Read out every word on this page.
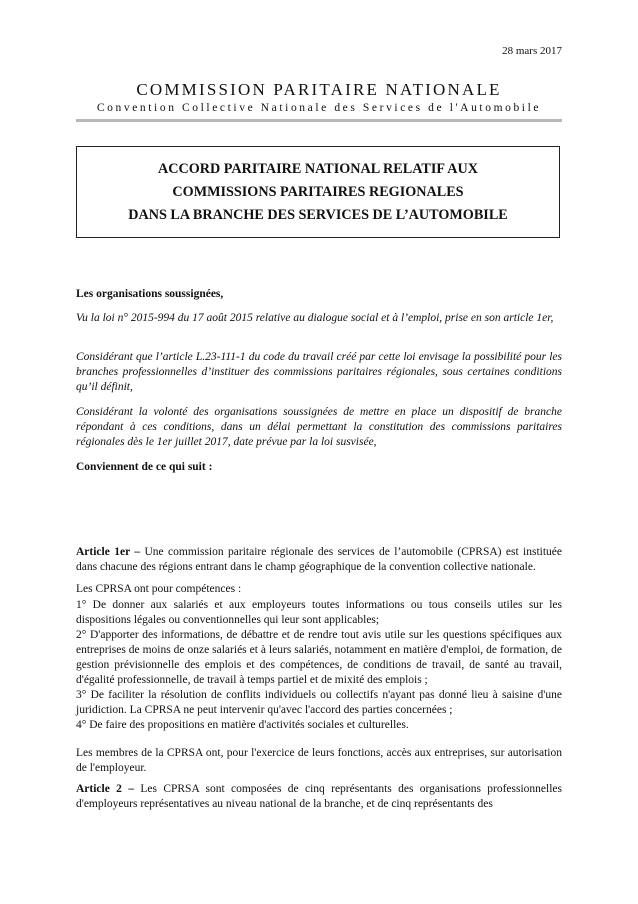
28 mars 2017
COMMISSION PARITAIRE NATIONALE
Convention Collective Nationale des Services de l'Automobile
ACCORD PARITAIRE NATIONAL RELATIF AUX
COMMISSIONS PARITAIRES REGIONALES
DANS LA BRANCHE DES SERVICES DE L’AUTOMOBILE

Les organisations soussignées,

Vu la loi n° 2015-994 du 17 août 2015 relative au dialogue social et à l’emploi, prise en son article 1er,

Considérant que l’article L.23-111-1 du code du travail créé par cette loi envisage la possibilité pour les branches professionnelles d’instituer des commissions paritaires régionales, sous certaines conditions qu’il définit,

Considérant la volonté des organisations soussignées de mettre en place un dispositif de branche répondant à ces conditions, dans un délai permettant la constitution des commissions paritaires régionales dès le 1er juillet 2017, date prévue par la loi susvisée,

Conviennent de ce qui suit :

Article 1er – Une commission paritaire régionale des services de l’automobile (CPRSA) est instituée dans chacune des régions entrant dans le champ géographique de la convention collective nationale.

Les CPRSA ont pour compétences :

1° De donner aux salariés et aux employeurs toutes informations ou tous conseils utiles sur les dispositions légales ou conventionnelles qui leur sont applicables;

2° D'apporter des informations, de débattre et de rendre tout avis utile sur les questions spécifiques aux entreprises de moins de onze salariés et à leurs salariés, notamment en matière d'emploi, de formation, de gestion prévisionnelle des emplois et des compétences, de conditions de travail, de santé au travail, d'égalité professionnelle, de travail à temps partiel et de mixité des emplois ;

3° De faciliter la résolution de conflits individuels ou collectifs n'ayant pas donné lieu à saisine d'une juridiction. La CPRSA ne peut intervenir qu'avec l'accord des parties concernées ;

4° De faire des propositions en matière d'activités sociales et culturelles.

Les membres de la CPRSA ont, pour l'exercice de leurs fonctions, accès aux entreprises, sur autorisation de l'employeur.

Article 2 – Les CPRSA sont composées de cinq représentants des organisations professionnelles d'employeurs représentatives au niveau national de la branche, et de cinq représentants des
